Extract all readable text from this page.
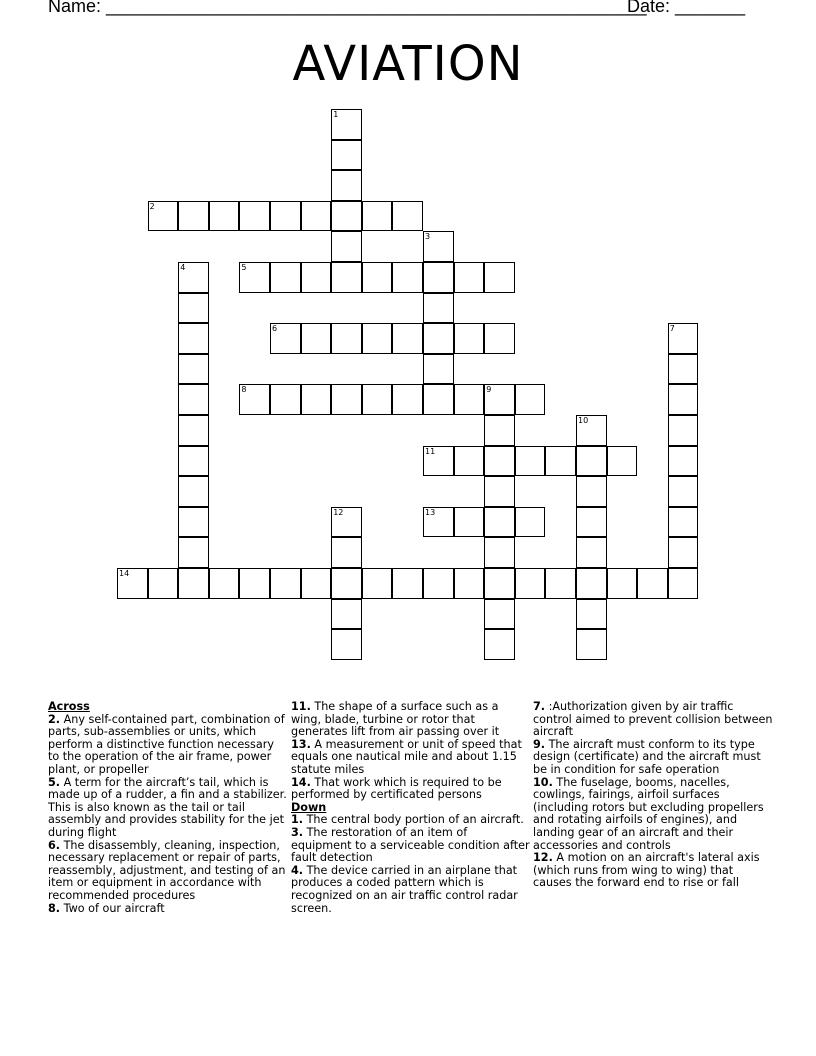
Name: ______________________________________________________
Date: _______
AVIATION
1
2
3
4	5
6	7
8	9
10
11
12	13
14
Across
2. Any self-contained part, combination of parts, sub-assemblies or units, which perform a distinctive function necessary to the operation of the air frame, power plant, or propeller
5. A term for the aircraft’s tail, which is made up of a rudder, a fin and a stabilizer. This is also known as the tail or tail assembly and provides stability for the jet during flight
6. The disassembly, cleaning, inspection, necessary replacement or repair of parts, reassembly, adjustment, and testing of an item or equipment in accordance with recommended procedures
8. Two of our aircraft
11. The shape of a surface such as a wing, blade, turbine or rotor that generates lift from air passing over it
13. A measurement or unit of speed that equals one nautical mile and about 1.15 statute miles
14. That work which is required to be performed by certificated persons
Down
1. The central body portion of an aircraft.
3. The restoration of an item of equipment to a serviceable condition after fault detection
4. The device carried in an airplane that produces a coded pattern which is recognized on an air traffic control radar screen.
7. :Authorization given by air traffic control aimed to prevent collision between aircraft
9. The aircraft must conform to its type design (certificate) and the aircraft must be in condition for safe operation
10. The fuselage, booms, nacelles, cowlings, fairings, airfoil surfaces (including rotors but excluding propellers and rotating airfoils of engines), and landing gear of an aircraft and their accessories and controls
12. A motion on an aircraft's lateral axis (which runs from wing to wing) that causes the forward end to rise or fall
